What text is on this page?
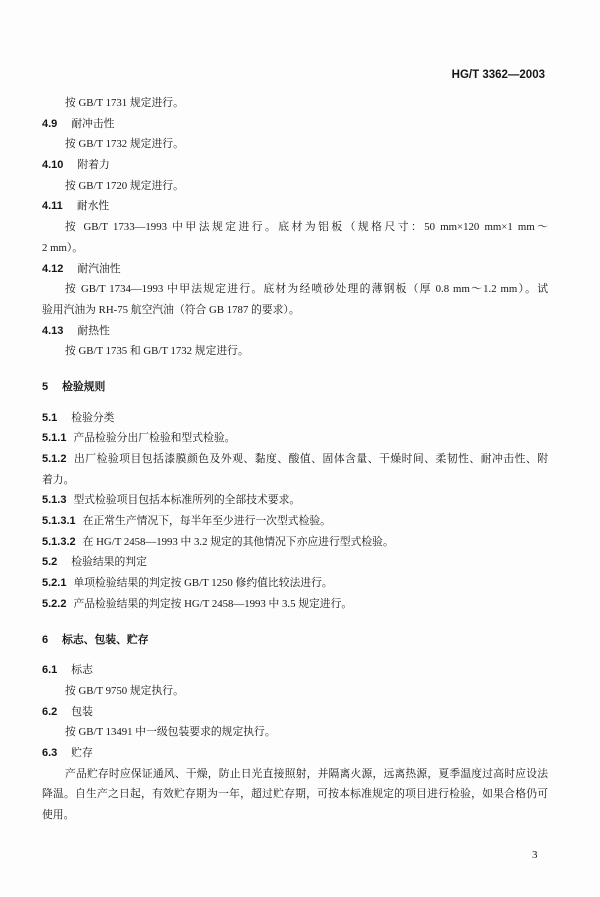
HG/T 3362—2003
按 GB/T 1731 规定进行。
4.9 耐冲击性
按 GB/T 1732 规定进行。
4.10 附着力
按 GB/T 1720 规定进行。
4.11 耐水性
按 GB/T 1733—1993 中甲法规定进行。底材为铝板（规格尺寸：50 mm×120 mm×1 mm～
2 mm）。
4.12 耐汽油性
按 GB/T 1734—1993 中甲法规定进行。底材为经喷砂处理的薄钢板（厚 0.8 mm～1.2 mm）。试
验用汽油为 RH-75 航空汽油（符合 GB 1787 的要求）。
4.13 耐热性
按 GB/T 1735 和 GB/T 1732 规定进行。
5 检验规则
5.1 检验分类
5.1.1 产品检验分出厂检验和型式检验。
5.1.2 出厂检验项目包括漆膜颜色及外观、黏度、酸值、固体含量、干燥时间、柔韧性、耐冲击性、附
着力。
5.1.3 型式检验项目包括本标准所列的全部技术要求。
5.1.3.1 在正常生产情况下，每半年至少进行一次型式检验。
5.1.3.2 在 HG/T 2458—1993 中 3.2 规定的其他情况下亦应进行型式检验。
5.2 检验结果的判定
5.2.1 单项检验结果的判定按 GB/T 1250 修约值比较法进行。
5.2.2 产品检验结果的判定按 HG/T 2458—1993 中 3.5 规定进行。
6 标志、包装、贮存
6.1 标志
按 GB/T 9750 规定执行。
6.2 包装
按 GB/T 13491 中一级包装要求的规定执行。
6.3 贮存
产品贮存时应保证通风、干燥，防止日光直接照射，并隔离火源，远离热源，夏季温度过高时应设法
降温。自生产之日起，有效贮存期为一年，超过贮存期，可按本标准规定的项目进行检验，如果合格仍可
使用。
3
